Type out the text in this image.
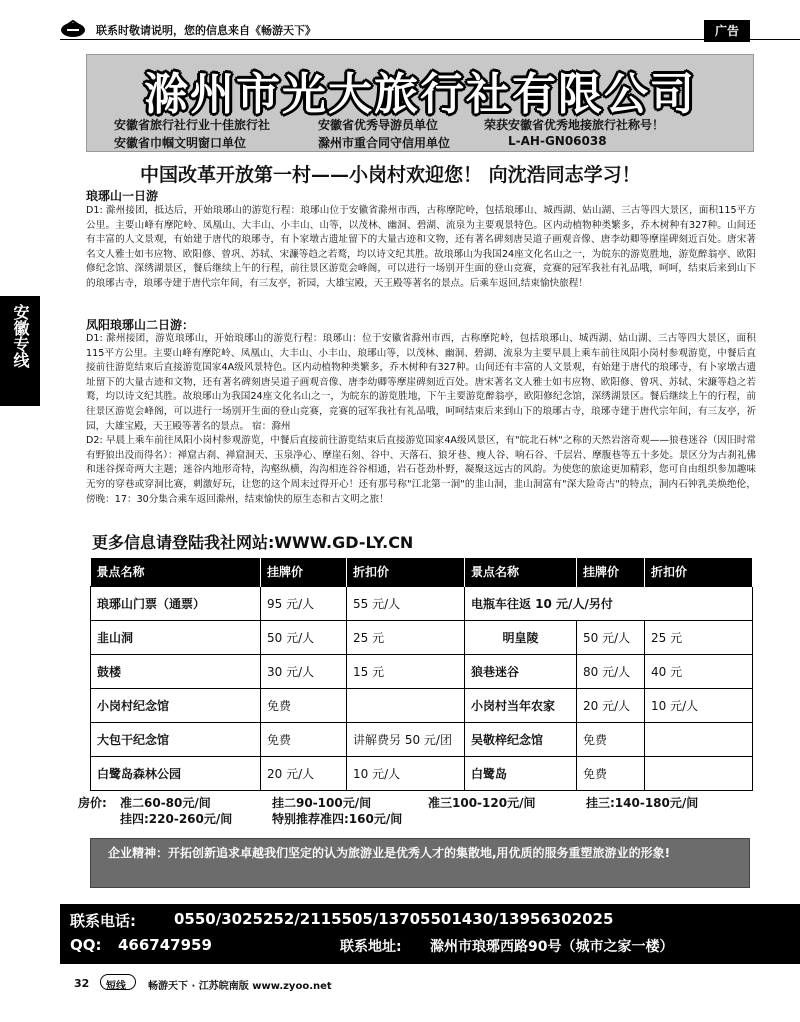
联系时敬请说明，您的信息来自《畅游天下》	广告
安徽专线
滁州市光大旅行社有限公司
安徽省旅行社行业十佳旅行社	安徽省优秀导游员单位	荣获安徽省优秀地接旅行社称号！
安徽省巾帼文明窗口单位	滁州市重合同守信用单位	L-AH-GN06038
中国改革开放第一村——小岗村欢迎您！ 向沈浩同志学习！
琅琊山一日游

D1: 滁州接团，抵达后，开始琅琊山的游览行程：琅琊山位于安徽省滁州市西，古称摩陀岭，包括琅琊山、城西湖、姑山湖、三古等四大景区，面积115平方公里。主要山峰有摩陀岭、凤凰山、大丰山、小丰山、山等，以茂林、幽洞、碧湖、流泉为主要观景特色。区内动植物种类繁多，乔木树种有327种。山间还有丰富的人文景观，有始建于唐代的琅琊寺，有卜家墩古遗址留下的大量古迹和文物，还有著名碑刻唐吴道子画观音像、唐李幼卿等摩崖碑刻近百处。唐宋著名文人雅士如韦应物、欧阳修、曾巩、苏轼、宋濂等趋之若鹜，均以诗文纪其胜。故琅琊山为我国24座文化名山之一，为皖东的游览胜地，游览醉翁亭、欧阳修纪念馆、深绣湖景区，餐后继续上午的行程，前往景区游览会峰阁，可以进行一场别开生面的登山竞赛，竞赛的冠军我社有礼品哦，呵呵，结束后来到山下的琅琊古寺，琅琊寺建于唐代宗年间，有三友亭，祈园，大雄宝殿，天王殿等著名的景点。后乘车返回,结束愉快旅程！

凤阳琅琊山二日游：

D1: 滁州接团，游览琅琊山，开始琅琊山的游览行程：琅琊山：位于安徽省滁州市西，古称摩陀岭，包括琅琊山、城西湖、姑山湖、三古等四大景区，面积115平方公里。主要山峰有摩陀岭、凤凰山、大丰山、小丰山、琅琊山等，以茂林、幽洞、碧湖、流泉为主要早晨上乘车前往凤阳小岗村参观游览，中餐后直接前往游览结束后直接游览国家4A级风景特色。区内动植物种类繁多，乔木树种有327种。山间还有丰富的人文景观，有始建于唐代的琅琊寺，有卜家墩古遗址留下的大量古迹和文物，还有著名碑刻唐吴道子画观音像、唐李幼卿等摩崖碑刻近百处。唐宋著名文人雅士如韦应物、欧阳修、曾巩、苏轼、宋濂等趋之若鹜，均以诗文纪其胜。故琅琊山为我国24座文化名山之一，为皖东的游览胜地，下午主要游览醉翁亭，欧阳修纪念馆，深绣湖景区。餐后继续上午的行程，前往景区游览会峰阁，可以进行一场别开生面的登山竞赛，竞赛的冠军我社有礼品哦，呵呵结束后来到山下的琅琊古寺，琅琊寺建于唐代宗年间，有三友亭，祈园，大雄宝殿，天王殿等著名的景点。 宿：滁州

D2: 早晨上乘车前往凤阳小岗村参观游览，中餐后直接前往游览结束后直接游览国家4A级风景区，有"皖北石林"之称的天然岩溶奇观——狼巷迷谷（因旧时常有野狼出没而得名）：禅窟古刹、禅窟洞天、玉泉净心、摩崖石刻、谷中、天落石、狼牙巷、瘦人谷、响石谷、千层岩、摩腹巷等五十多处。景区分为古刹礼佛和迷谷探奇两大主题；迷谷内地形奇特，沟壑纵横，沟沟相连谷谷相通，岩石苍劲朴野，凝聚这远古的风韵。为使您的旅途更加精彩，您可自由组织参加趣味无穷的穿巷或穿洞比赛，刺激好玩，让您的这个周末过得开心！还有那号称"江北第一洞"的韭山洞，韭山洞富有"深大险奇古"的特点，洞内石钟乳美焕绝伦，傍晚：17：30分集合乘车返回滁州，结束愉快的原生态和古文明之旅！

更多信息请登陆我社网站:WWW.GD-LY.CN
景点名称	挂牌价	折扣价	景点名称	挂牌价	折扣价
琅琊山门票（通票）	95 元/人	55 元/人	电瓶车往返 10 元/人/另付		
韭山洞	50 元/人	25 元	明皇陵	50 元/人	25 元
鼓楼	30 元/人	15 元	狼巷迷谷	80 元/人	40 元
小岗村纪念馆	免费		小岗村当年农家	20 元/人	10 元/人
大包干纪念馆	免费	讲解费另 50 元/团	吴敬梓纪念馆	免费	
白鹭岛森林公园	20 元/人	10 元/人	白鹭岛	免费	
房价: 准二60-80元/间	挂二90-100元/间	准三100-120元/间	挂三:140-180元/间
挂四:220-260元/间	特别推荐准四:160元/间
企业精神：开拓创新追求卓越我们坚定的认为旅游业是优秀人才的集散地,用优质的服务重塑旅游业的形象!
联系电话:	0550/3025252/2115505/13705501430/13956302025
QQ: 466747959	联系地址: 滁州市琅琊西路90号（城市之家一楼）
32 短线 畅游天下 · 江苏皖南版 www.zyoo.net
